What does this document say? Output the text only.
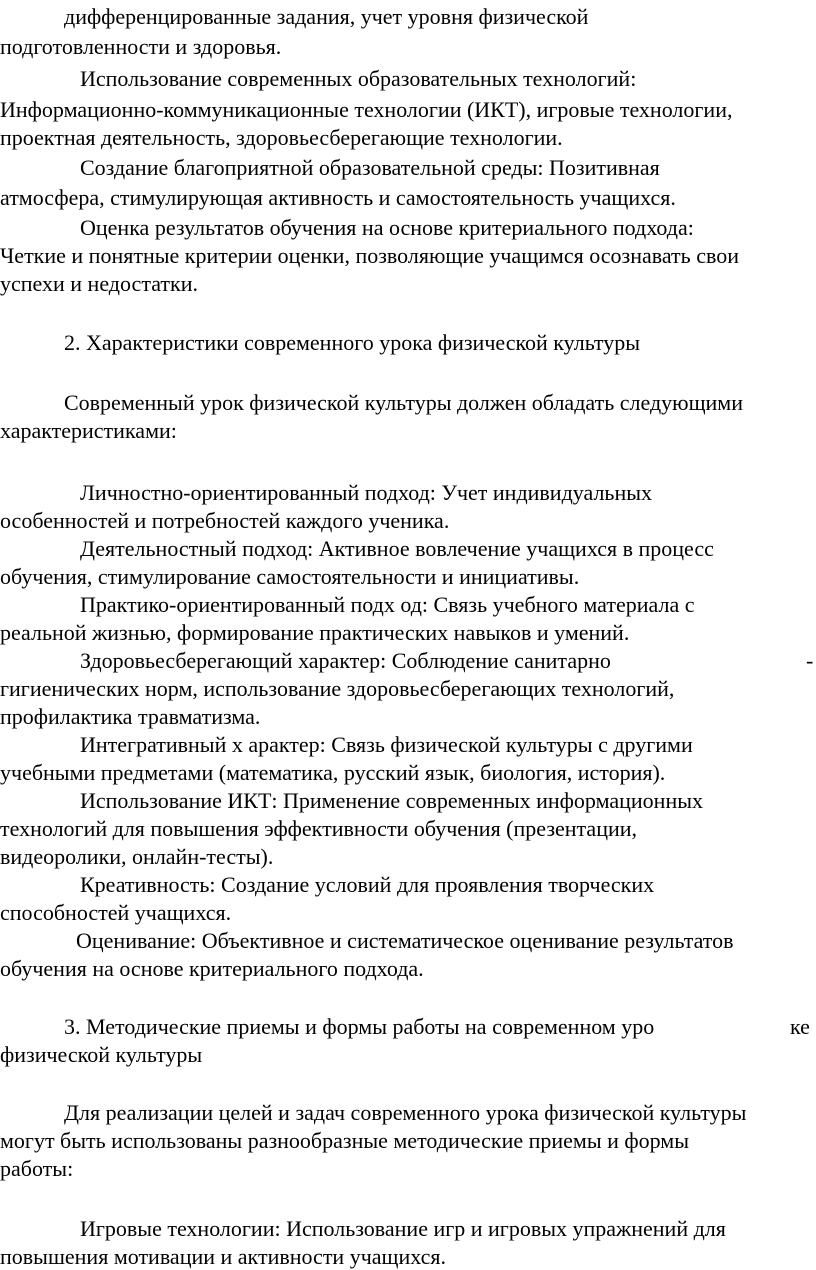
дифференцированные задания, учет уровня физической
подготовленности и здоровья.
Использование современных образовательных технологий:
Информационно-коммуникационные технологии (ИКТ), игровые технологии,
проектная деятельность, здоровьесберегающие технологии.
Создание благоприятной образовательной среды: Позитивная
атмосфера, стимулирующая активность и самостоятельность учащихся.
Оценка результатов обучения на основе критериального подхода:
Четкие и понятные критерии оценки, позволяющие учащимся осознавать свои
успехи и недостатки.
2. Характеристики современного урока физической культуры
Современный урок физической культуры должен обладать следующими
характеристиками:
Личностно-ориентированный подход: Учет индивидуальных
особенностей и потребностей каждого ученика.
Деятельностный подход: Активное вовлечение учащихся в процесс
обучения, стимулирование самостоятельности и инициативы.
Практико-ориентированный подх од: Связь учебного материала с
реальной жизнью, формирование практических навыков и умений.
Здоровьесберегающий характер: Соблюдение санитарно	-
гигиенических норм, использование здоровьесберегающих технологий,
профилактика травматизма.
Интегративный х арактер: Связь физической культуры с другими
учебными предметами (математика, русский язык, биология, история).
Использование ИКТ: Применение современных информационных
технологий для повышения эффективности обучения (презентации,
видеоролики, онлайн-тесты).
Креативность: Создание условий для проявления творческих
способностей учащихся.
Оценивание: Объективное и систематическое оценивание результатов
обучения на основе критериального подхода.
3. Методические приемы и формы работы на современном уро	ке
физической культуры
Для реализации целей и задач современного урока физической культуры
могут быть использованы разнообразные методические приемы и формы
работы:
Игровые технологии: Использование игр и игровых упражнений для
повышения мотивации и активности учащихся.
